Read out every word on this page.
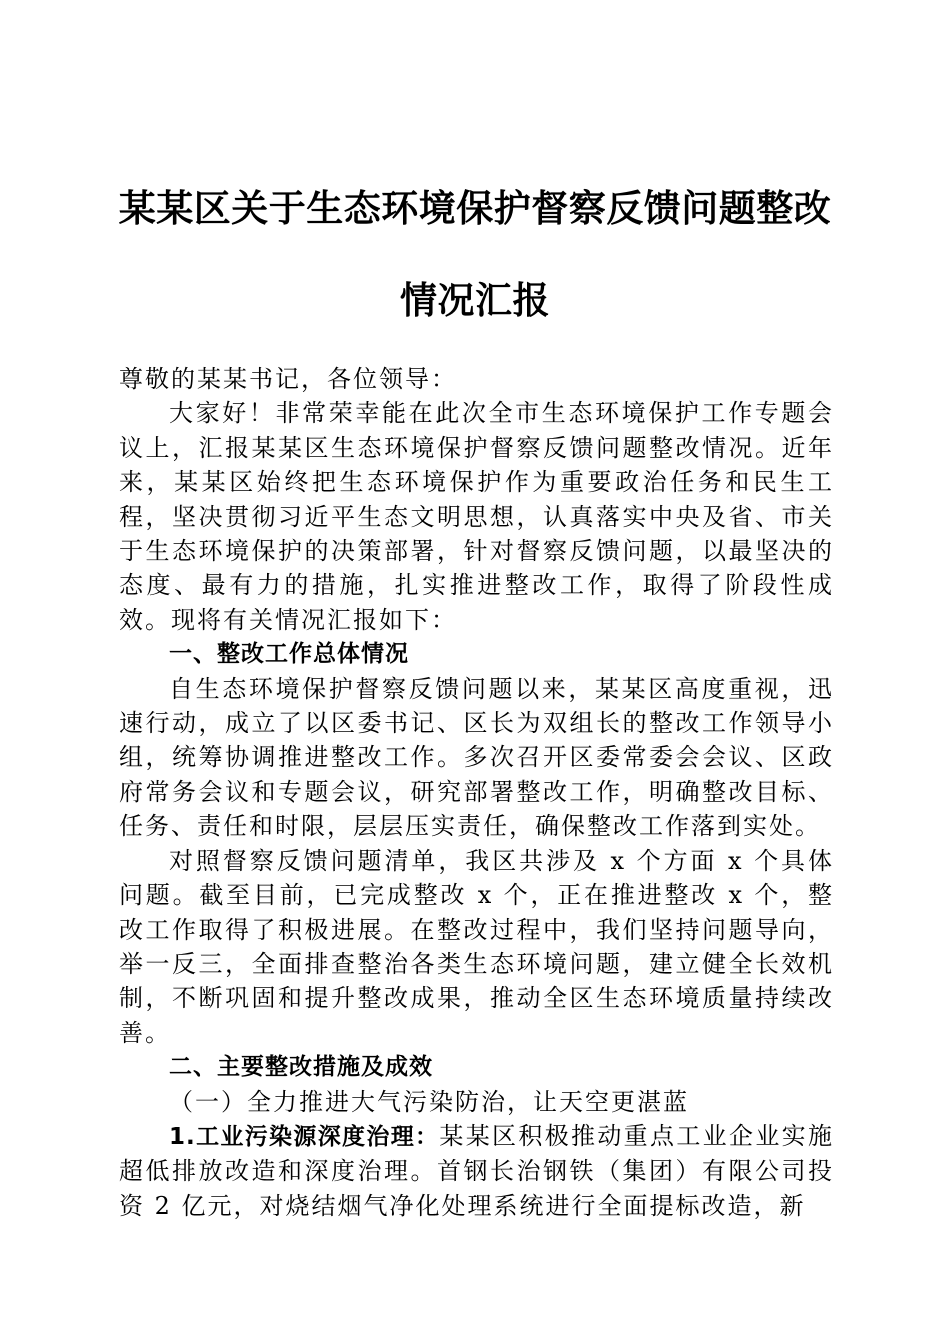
某某区关于生态环境保护督察反馈问题整改情况汇报

尊敬的某某书记，各位领导：

大家好！非常荣幸能在此次全市生态环境保护工作专题会议上，汇报某某区生态环境保护督察反馈问题整改情况。近年来，某某区始终把生态环境保护作为重要政治任务和民生工程，坚决贯彻习近平生态文明思想，认真落实中央及省、市关于生态环境保护的决策部署，针对督察反馈问题，以最坚决的态度、最有力的措施，扎实推进整改工作，取得了阶段性成效。现将有关情况汇报如下：

一、整改工作总体情况

自生态环境保护督察反馈问题以来，某某区高度重视，迅速行动，成立了以区委书记、区长为双组长的整改工作领导小组，统筹协调推进整改工作。多次召开区委常委会会议、区政府常务会议和专题会议，研究部署整改工作，明确整改目标、任务、责任和时限，层层压实责任，确保整改工作落到实处。

对照督察反馈问题清单，我区共涉及 x 个方面 x 个具体问题。截至目前，已完成整改 x 个，正在推进整改 x 个，整改工作取得了积极进展。在整改过程中，我们坚持问题导向，举一反三，全面排查整治各类生态环境问题，建立健全长效机制，不断巩固和提升整改成果，推动全区生态环境质量持续改善。

二、主要整改措施及成效

（一）全力推进大气污染防治，让天空更湛蓝

1.工业污染源深度治理：某某区积极推动重点工业企业实施超低排放改造和深度治理。首钢长治钢铁（集团）有限公司投资 2 亿元，对烧结烟气净化处理系统进行全面提标改造，新
